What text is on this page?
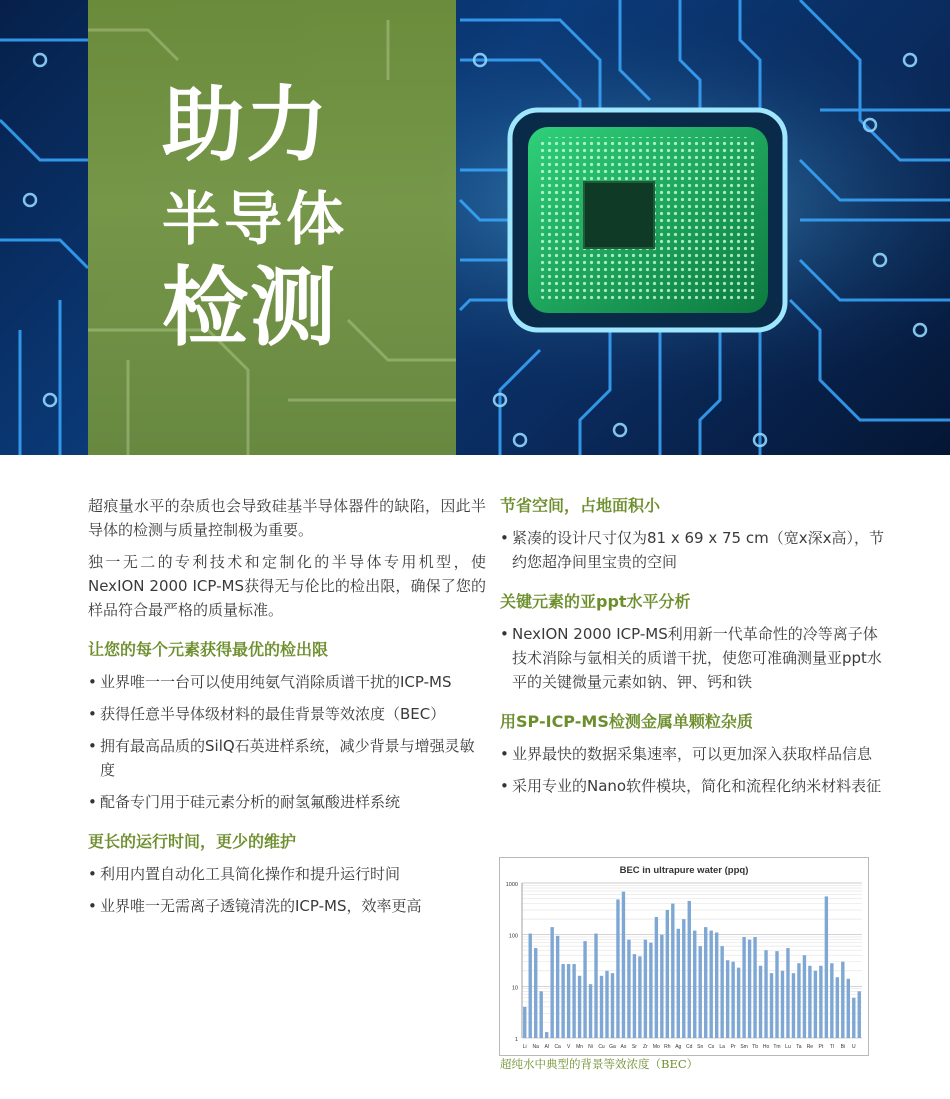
助力
半导体
检测

超痕量水平的杂质也会导致硅基半导体器件的缺陷，因此半导体的检测与质量控制极为重要。

独一无二的专利技术和定制化的半导体专用机型，使NexION 2000 ICP-MS获得无与伦比的检出限，确保了您的样品符合最严格的质量标准。

让您的每个元素获得最优的检出限
• 业界唯一一台可以使用纯氨气消除质谱干扰的ICP-MS
• 获得任意半导体级材料的最佳背景等效浓度（BEC）
• 拥有最高品质的SilQ石英进样系统，减少背景与增强灵敏度
• 配备专门用于硅元素分析的耐氢氟酸进样系统
更长的运行时间，更少的维护
• 利用内置自动化工具简化操作和提升运行时间
• 业界唯一无需离子透镜清洗的ICP-MS，效率更高
节省空间，占地面积小
• 紧凑的设计尺寸仅为81 x 69 x 75 cm（宽x深x高），节约您超净间里宝贵的空间
关键元素的亚ppt水平分析
• NexION 2000 ICP-MS利用新一代革命性的冷等离子体技术消除与氩相关的质谱干扰，使您可准确测量亚ppt水平的关键微量元素如钠、钾、钙和铁
用SP-ICP-MS检测金属单颗粒杂质
• 业界最快的数据采集速率，可以更加深入获取样品信息
• 采用专业的Nano软件模块，简化和流程化纳米材料表征
BEC in ultrapure water (ppq)
1000
100
10
1
Li Na Al Ca V Mn Ni Cu Ga As Sr Zr Mo Rh Ag Cd Sn Cs La Pr Sm Tb Ho Tm Lu Ta Re Pt Tl Bi U
超纯水中典型的背景等效浓度（BEC）
